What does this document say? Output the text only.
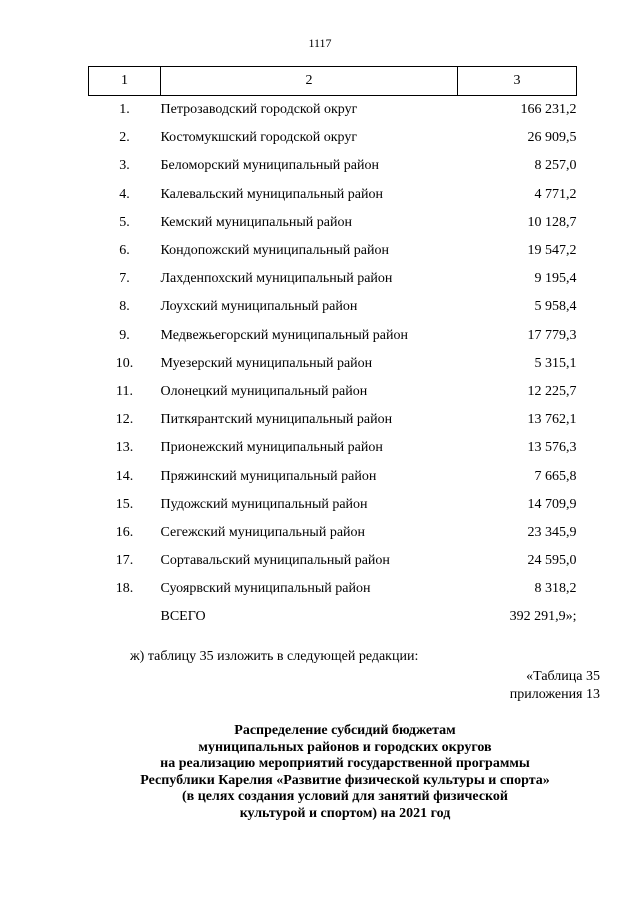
1117
1	2	3
1.	Петрозаводский городской округ	166 231,2
2.	Костомукшский городской округ	26 909,5
3.	Беломорский муниципальный район	8 257,0
4.	Калевальский муниципальный район	4 771,2
5.	Кемский муниципальный район	10 128,7
6.	Кондопожский муниципальный район	19 547,2
7.	Лахденпохский муниципальный район	9 195,4
8.	Лоухский муниципальный район	5 958,4
9.	Медвежьегорский муниципальный район	17 779,3
10.	Муезерский муниципальный район	5 315,1
11.	Олонецкий муниципальный район	12 225,7
12.	Питкярантский муниципальный район	13 762,1
13.	Прионежский муниципальный район	13 576,3
14.	Пряжинский муниципальный район	7 665,8
15.	Пудожский муниципальный район	14 709,9
16.	Сегежский муниципальный район	23 345,9
17.	Сортавальский муниципальный район	24 595,0
18.	Суоярвский муниципальный район	8 318,2
	ВСЕГО	392 291,9»;
ж) таблицу 35 изложить в следующей редакции:
«Таблица 35
приложения 13
Распределение субсидий бюджетам
муниципальных районов и городских округов
на реализацию мероприятий государственной программы
Республики Карелия «Развитие физической культуры и спорта»
(в целях создания условий для занятий физической
культурой и спортом) на 2021 год
